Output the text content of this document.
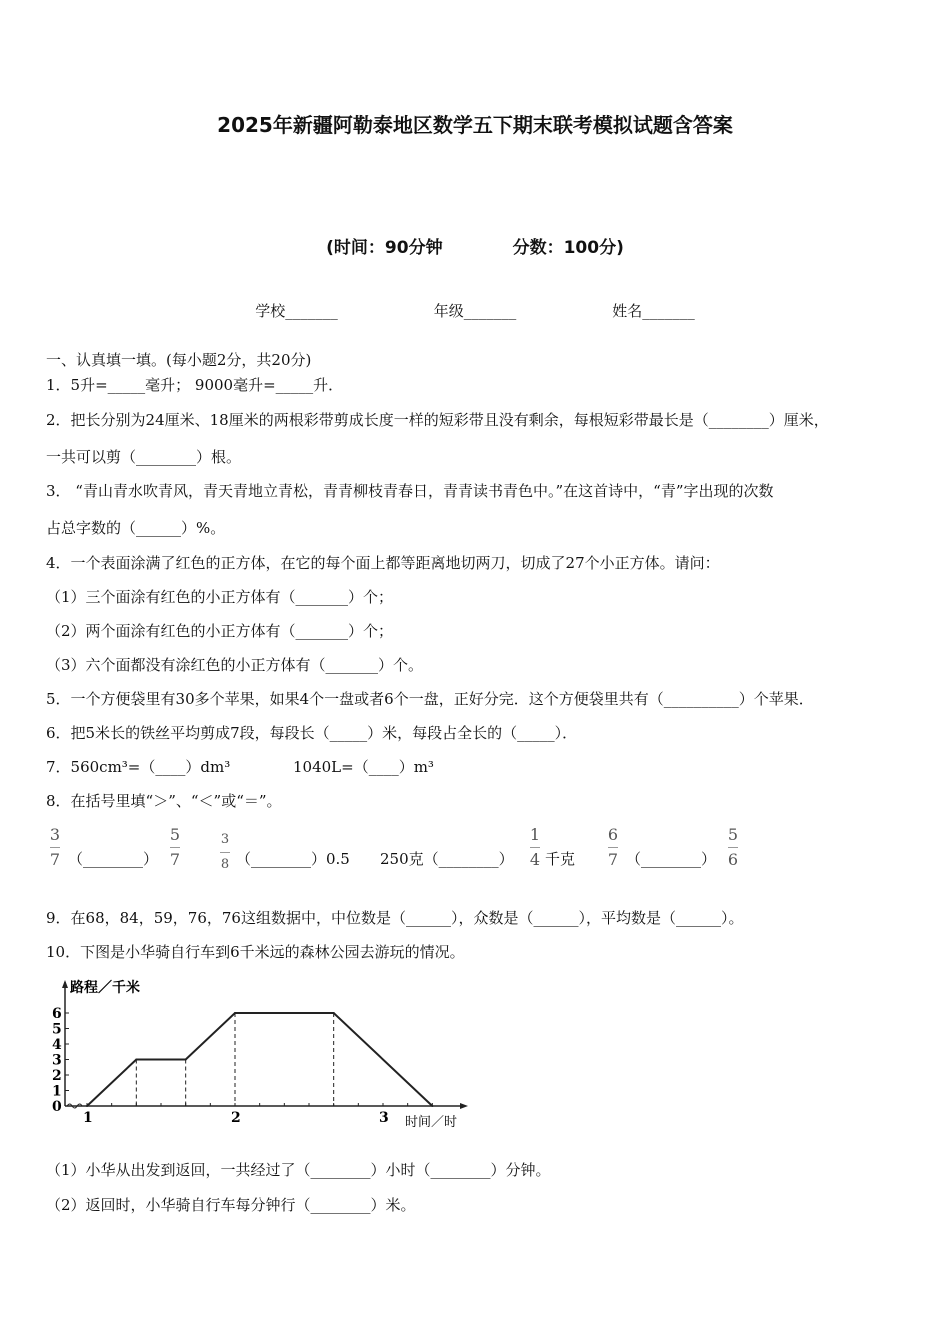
2025年新疆阿勒泰地区数学五下期末联考模拟试题含答案
(时间：90分钟	分数：100分)
学校_______	年级_______	姓名_______
一、认真填一填。(每小题2分，共20分)
1．5升=_____毫升； 9000毫升=_____升．
2．把长分别为24厘米、18厘米的两根彩带剪成长度一样的短彩带且没有剩余，每根短彩带最长是（________）厘米，
一共可以剪（________）根。
3． “青山青水吹青风，青天青地立青松，青青柳枝青春日，青青读书青色中。”在这首诗中，“青”字出现的次数
占总字数的（______）%。
4．一个表面涂满了红色的正方体，在它的每个面上都等距离地切两刀，切成了27个小正方体。请问：
（1）三个面涂有红色的小正方体有（_______）个；
（2）两个面涂有红色的小正方体有（_______）个；
（3）六个面都没有涂红色的小正方体有（_______）个。
5．一个方便袋里有30多个苹果，如果4个一盘或者6个一盘，正好分完．这个方便袋里共有（__________）个苹果．
6．把5米长的铁丝平均剪成7段，每段长（_____）米，每段占全长的（_____）．
7．560cm³=（____）dm³	1040L=（____）m³
8．在括号里填“＞”、“＜”或“＝”。
3
7 （________）
5
7
3
8 （________）0.5 250克（________）
1
4 千克
6
7 （________）
5
6
9．在68，84，59，76，76这组数据中，中位数是（______），众数是（______），平均数是（______）。
10．下图是小华骑自行车到6千米远的森林公园去游玩的情况。
路程／千米
时间／时
0
1
2
3
4
5
6
1	2	3
（1）小华从出发到返回，一共经过了（________）小时（________）分钟。
（2）返回时，小华骑自行车每分钟行（________）米。
